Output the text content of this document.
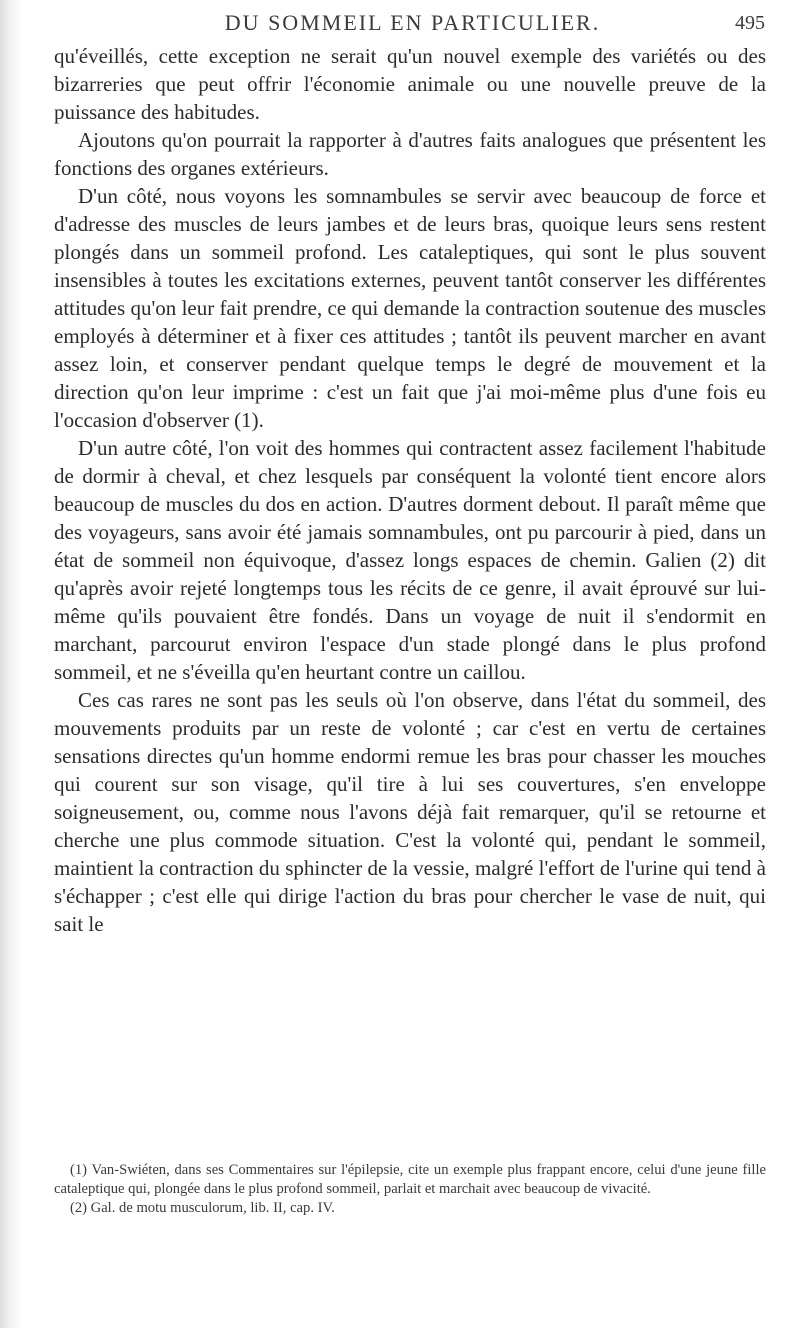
DU SOMMEIL EN PARTICULIER.	495

qu'éveillés, cette exception ne serait qu'un nouvel exemple des variétés ou des bizarreries que peut offrir l'économie animale ou une nouvelle preuve de la puissance des habitudes.

Ajoutons qu'on pourrait la rapporter à d'autres faits analogues que présentent les fonctions des organes extérieurs.

D'un côté, nous voyons les somnambules se servir avec beaucoup de force et d'adresse des muscles de leurs jambes et de leurs bras, quoique leurs sens restent plongés dans un sommeil profond. Les cataleptiques, qui sont le plus souvent insensibles à toutes les excitations externes, peuvent tantôt conserver les différentes attitudes qu'on leur fait prendre, ce qui demande la contraction soutenue des muscles employés à déterminer et à fixer ces attitudes ; tantôt ils peuvent marcher en avant assez loin, et conserver pendant quelque temps le degré de mouvement et la direction qu'on leur imprime : c'est un fait que j'ai moi-même plus d'une fois eu l'occasion d'observer (1).

D'un autre côté, l'on voit des hommes qui contractent assez facilement l'habitude de dormir à cheval, et chez lesquels par conséquent la volonté tient encore alors beaucoup de muscles du dos en action. D'autres dorment debout. Il paraît même que des voyageurs, sans avoir été jamais somnambules, ont pu parcourir à pied, dans un état de sommeil non équivoque, d'assez longs espaces de chemin. Galien (2) dit qu'après avoir rejeté longtemps tous les récits de ce genre, il avait éprouvé sur lui-même qu'ils pouvaient être fondés. Dans un voyage de nuit il s'endormit en marchant, parcourut environ l'espace d'un stade plongé dans le plus profond sommeil, et ne s'éveilla qu'en heurtant contre un caillou.

Ces cas rares ne sont pas les seuls où l'on observe, dans l'état du sommeil, des mouvements produits par un reste de volonté ; car c'est en vertu de certaines sensations directes qu'un homme endormi remue les bras pour chasser les mouches qui courent sur son visage, qu'il tire à lui ses couvertures, s'en enveloppe soigneusement, ou, comme nous l'avons déjà fait remarquer, qu'il se retourne et cherche une plus commode situation. C'est la volonté qui, pendant le sommeil, maintient la contraction du sphincter de la vessie, malgré l'effort de l'urine qui tend à s'échapper ; c'est elle qui dirige l'action du bras pour chercher le vase de nuit, qui sait le

(1) Van-Swiéten, dans ses Commentaires sur l'épilepsie, cite un exemple plus frappant encore, celui d'une jeune fille cataleptique qui, plongée dans le plus profond sommeil, parlait et marchait avec beaucoup de vivacité.

(2) Gal. de motu musculorum, lib. II, cap. IV.
